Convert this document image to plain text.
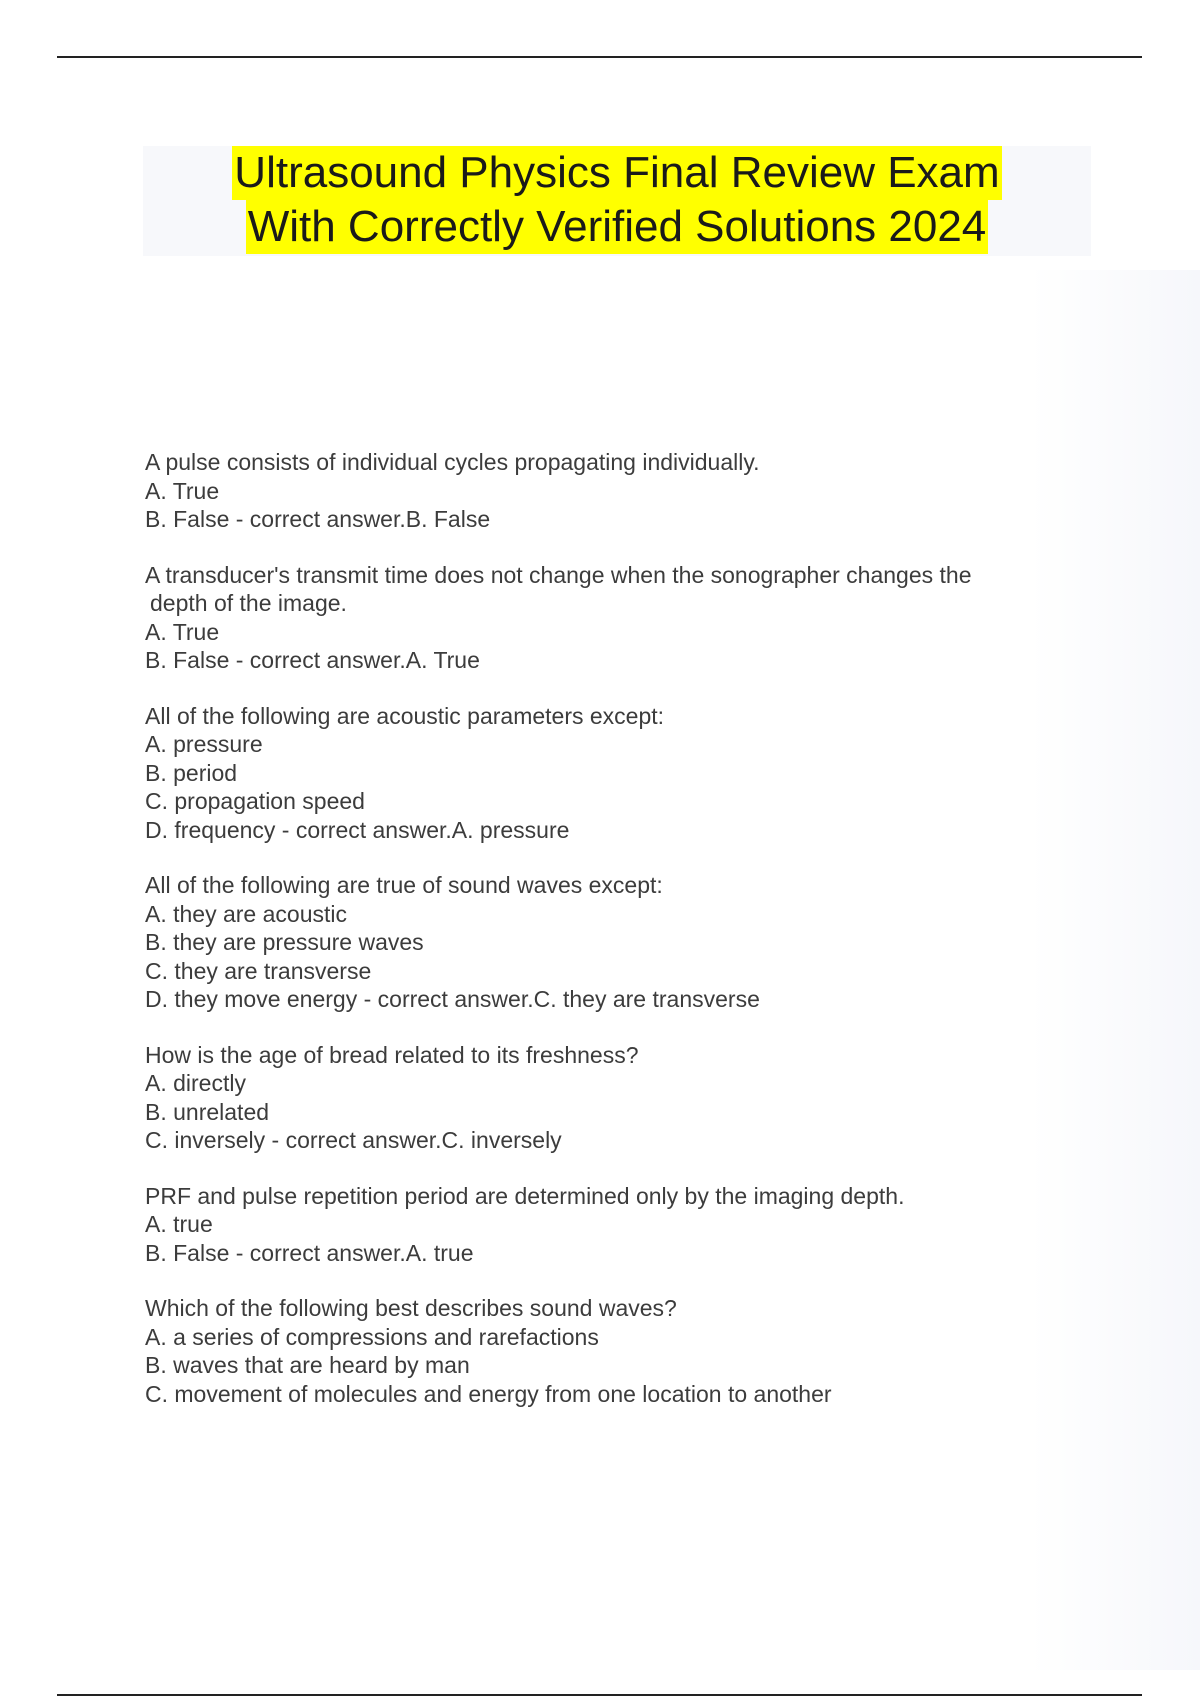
Ultrasound Physics Final Review Exam
With Correctly Verified Solutions 2024
A pulse consists of individual cycles propagating individually.
A. True
B. False - correct answer.B. False
A transducer's transmit time does not change when the sonographer changes the
depth of the image.
A. True
B. False - correct answer.A. True
All of the following are acoustic parameters except:
A. pressure
B. period
C. propagation speed
D. frequency - correct answer.A. pressure
All of the following are true of sound waves except:
A. they are acoustic
B. they are pressure waves
C. they are transverse
D. they move energy - correct answer.C. they are transverse
How is the age of bread related to its freshness?
A. directly
B. unrelated
C. inversely - correct answer.C. inversely
PRF and pulse repetition period are determined only by the imaging depth.
A. true
B. False - correct answer.A. true
Which of the following best describes sound waves?
A. a series of compressions and rarefactions
B. waves that are heard by man
C. movement of molecules and energy from one location to another
